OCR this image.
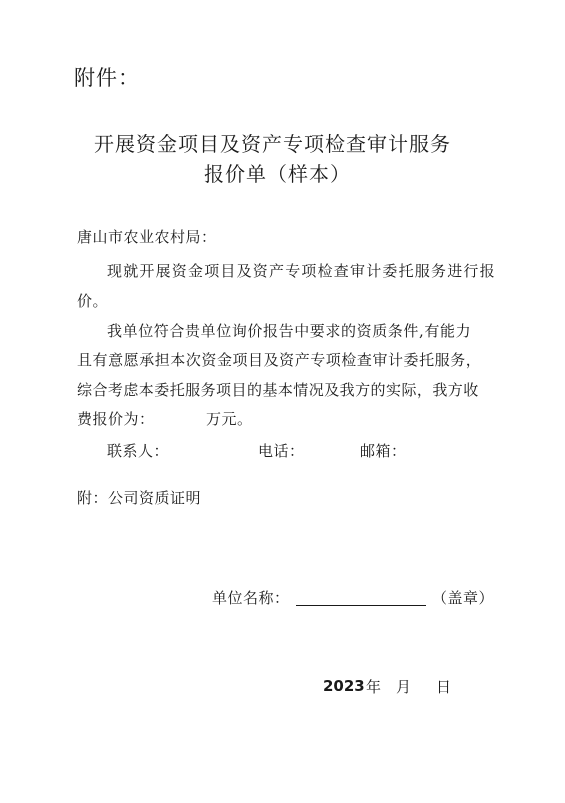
附件：
开展资金项目及资产专项检查审计服务
报价单（样本）
唐山市农业农村局：
现就开展资金项目及资产专项检查审计委托服务进行报
价。
我单位符合贵单位询价报告中要求的资质条件,有能力
且有意愿承担本次资金项目及资产专项检查审计委托服务，
综合考虑本委托服务项目的基本情况及我方的实际，我方收
费报价为：	万元。
联系人：	电话：	邮箱：
附：公司资质证明
单位名称：	（盖章）
2023 年 月 日
